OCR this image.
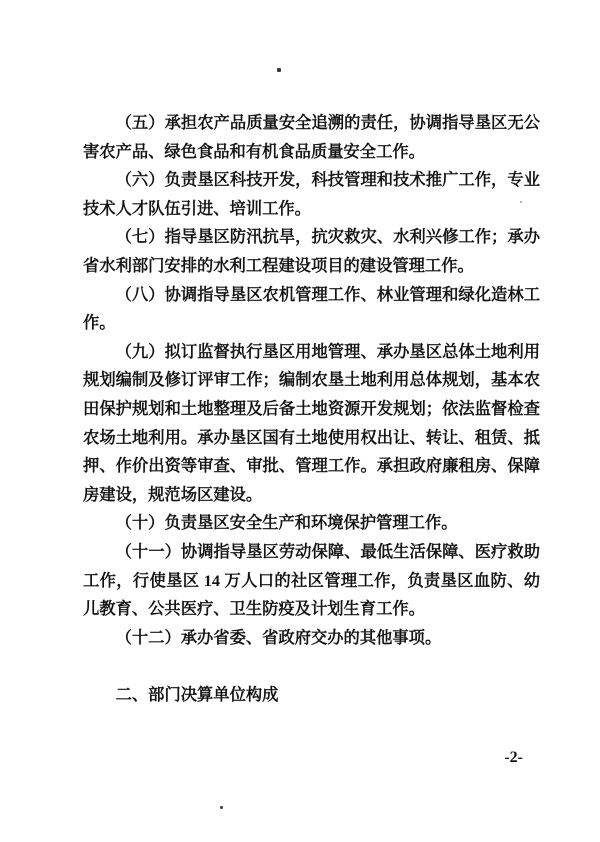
（五）承担农产品质量安全追溯的责任，协调指导垦区无公害农产品、绿色食品和有机食品质量安全工作。

（六）负责垦区科技开发，科技管理和技术推广工作，专业技术人才队伍引进、培训工作。

（七）指导垦区防汛抗旱，抗灾救灾、水利兴修工作；承办省水利部门安排的水利工程建设项目的建设管理工作。

（八）协调指导垦区农机管理工作、林业管理和绿化造林工作。

（九）拟订监督执行垦区用地管理、承办垦区总体土地利用规划编制及修订评审工作；编制农垦土地利用总体规划，基本农田保护规划和土地整理及后备土地资源开发规划；依法监督检查农场土地利用。承办垦区国有土地使用权出让、转让、租赁、抵押、作价出资等审查、审批、管理工作。承担政府廉租房、保障房建设，规范场区建设。

（十）负责垦区安全生产和环境保护管理工作。

（十一）协调指导垦区劳动保障、最低生活保障、医疗救助工作，行使垦区 14 万人口的社区管理工作，负责垦区血防、幼儿教育、公共医疗、卫生防疫及计划生育工作。

（十二）承办省委、省政府交办的其他事项。

二、部门决算单位构成
-2-
